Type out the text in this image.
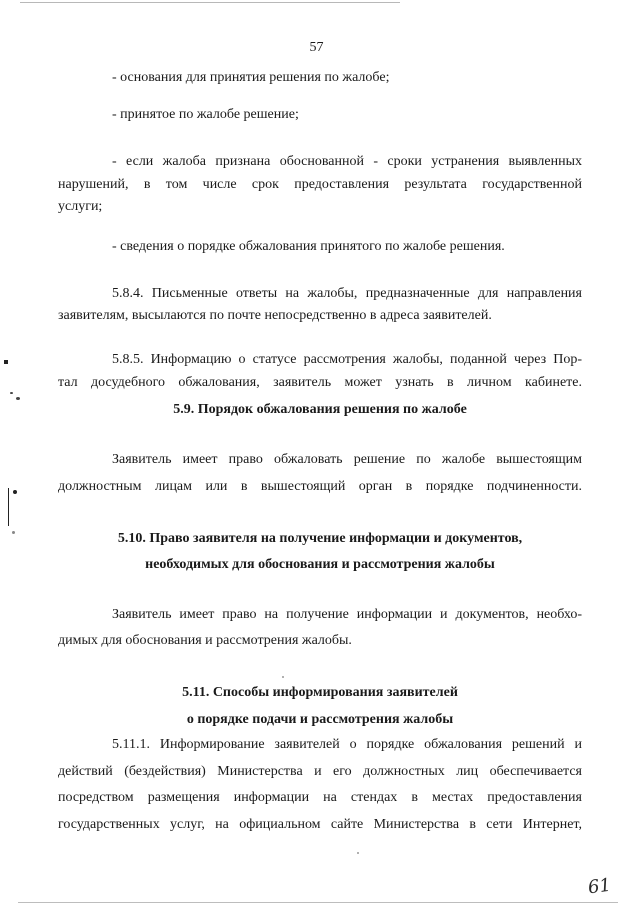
57
- основания для принятия решения по жалобе;
- принятое по жалобе решение;
- если жалоба признана обоснованной - сроки устранения выявленных
нарушений, в том числе срок предоставления результата государственной
услуги;
- сведения о порядке обжалования принятого по жалобе решения.
5.8.4. Письменные ответы на жалобы, предназначенные для направления
заявителям, высылаются по почте непосредственно в адреса заявителей.
5.8.5. Информацию о статусе рассмотрения жалобы, поданной через Пор-
тал досудебного обжалования, заявитель может узнать в личном кабинете.
5.9. Порядок обжалования решения по жалобе
Заявитель имеет право обжаловать решение по жалобе вышестоящим
должностным лицам или в вышестоящий орган в порядке подчиненности.
5.10. Право заявителя на получение информации и документов,
необходимых для обоснования и рассмотрения жалобы
Заявитель имеет право на получение информации и документов, необхо-
димых для обоснования и рассмотрения жалобы.
5.11. Способы информирования заявителей
о порядке подачи и рассмотрения жалобы
5.11.1. Информирование заявителей о порядке обжалования решений и
действий (бездействия) Министерства и его должностных лиц обеспечивается
посредством размещения информации на стендах в местах предоставления
государственных услуг, на официальном сайте Министерства в сети Интернет,
61
